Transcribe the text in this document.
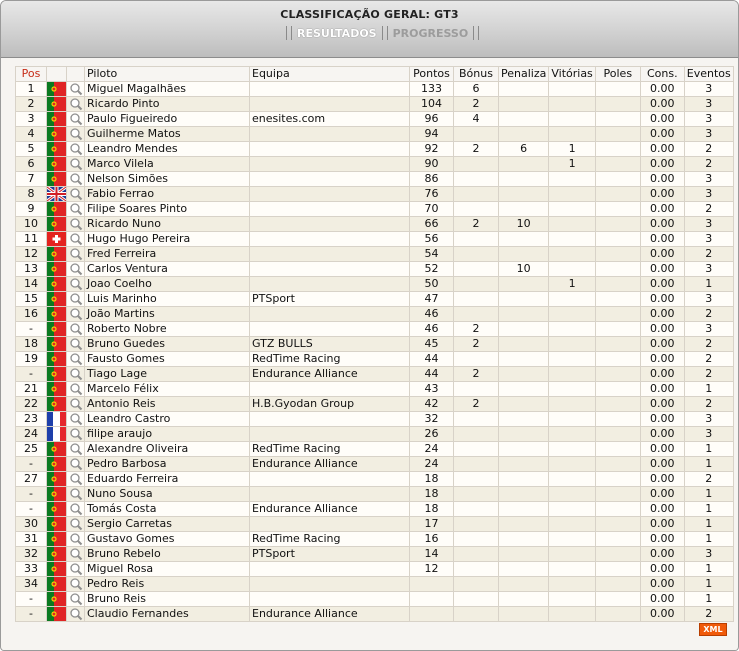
CLASSIFICAÇÃO GERAL: GT3
RESULTADOS PROGRESSO
Pos			Piloto	Equipa	Pontos	Bónus	Penaliza	Vitórias	Poles	Cons.	Eventos
1			Miguel Magalhães		133	6				0.00	3
2			Ricardo Pinto		104	2				0.00	3
3			Paulo Figueiredo	enesites.com	96	4				0.00	3
4			Guilherme Matos		94					0.00	3
5			Leandro Mendes		92	2	6	1		0.00	2
6			Marco Vilela		90			1		0.00	2
7			Nelson Simões		86					0.00	3
8			Fabio Ferrao		76					0.00	3
9			Filipe Soares Pinto		70					0.00	2
10			Ricardo Nuno		66	2	10			0.00	3
11			Hugo Hugo Pereira		56					0.00	3
12			Fred Ferreira		54					0.00	2
13			Carlos Ventura		52		10			0.00	3
14			Joao Coelho		50			1		0.00	1
15			Luis Marinho	PTSport	47					0.00	3
16			João Martins		46					0.00	2
-			Roberto Nobre		46	2				0.00	3
18			Bruno Guedes	GTZ BULLS	45	2				0.00	2
19			Fausto Gomes	RedTime Racing	44					0.00	2
-			Tiago Lage	Endurance Alliance	44	2				0.00	2
21			Marcelo Félix		43					0.00	1
22			Antonio Reis	H.B.Gyodan Group	42	2				0.00	2
23			Leandro Castro		32					0.00	3
24			filipe araujo		26					0.00	3
25			Alexandre Oliveira	RedTime Racing	24					0.00	1
-			Pedro Barbosa	Endurance Alliance	24					0.00	1
27			Eduardo Ferreira		18					0.00	2
-			Nuno Sousa		18					0.00	1
-			Tomás Costa	Endurance Alliance	18					0.00	1
30			Sergio Carretas		17					0.00	1
31			Gustavo Gomes	RedTime Racing	16					0.00	1
32			Bruno Rebelo	PTSport	14					0.00	3
33			Miguel Rosa		12					0.00	1
34			Pedro Reis							0.00	1
-			Bruno Reis							0.00	1
-			Claudio Fernandes	Endurance Alliance						0.00	2
XML
